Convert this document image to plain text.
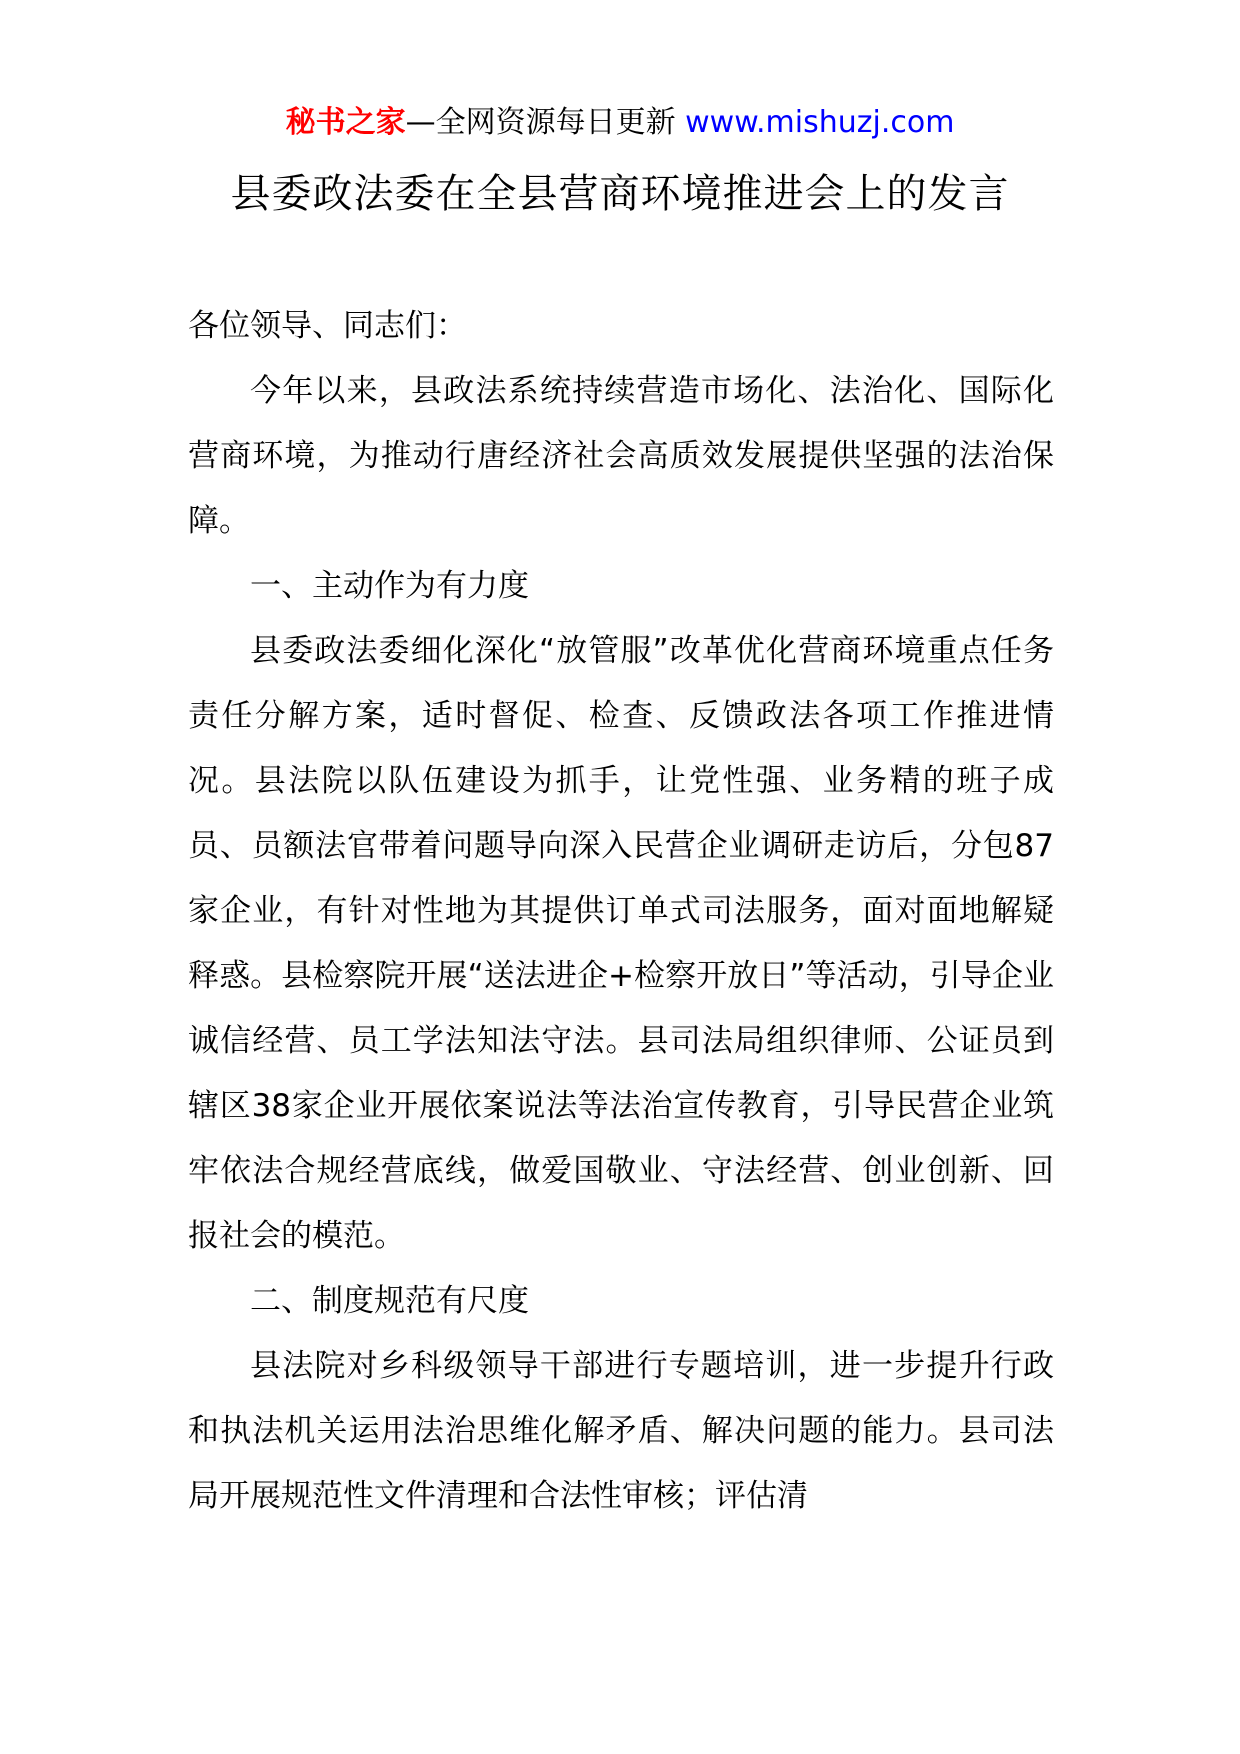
秘书之家—全网资源每日更新 www.mishuzj.com
县委政法委在全县营商环境推进会上的发言

各位领导、同志们：

今年以来，县政法系统持续营造市场化、法治化、国际化营商环境，为推动行唐经济社会高质效发展提供坚强的法治保障。

一、主动作为有力度

县委政法委细化深化“放管服”改革优化营商环境重点任务责任分解方案，适时督促、检查、反馈政法各项工作推进情况。县法院以队伍建设为抓手，让党性强、业务精的班子成员、员额法官带着问题导向深入民营企业调研走访后，分包87家企业，有针对性地为其提供订单式司法服务，面对面地解疑释惑。县检察院开展“送法进企+检察开放日”等活动，引导企业诚信经营、员工学法知法守法。县司法局组织律师、公证员到辖区38家企业开展依案说法等法治宣传教育，引导民营企业筑牢依法合规经营底线，做爱国敬业、守法经营、创业创新、回报社会的模范。

二、制度规范有尺度

县法院对乡科级领导干部进行专题培训，进一步提升行政和执法机关运用法治思维化解矛盾、解决问题的能力。县司法局开展规范性文件清理和合法性审核；评估清
